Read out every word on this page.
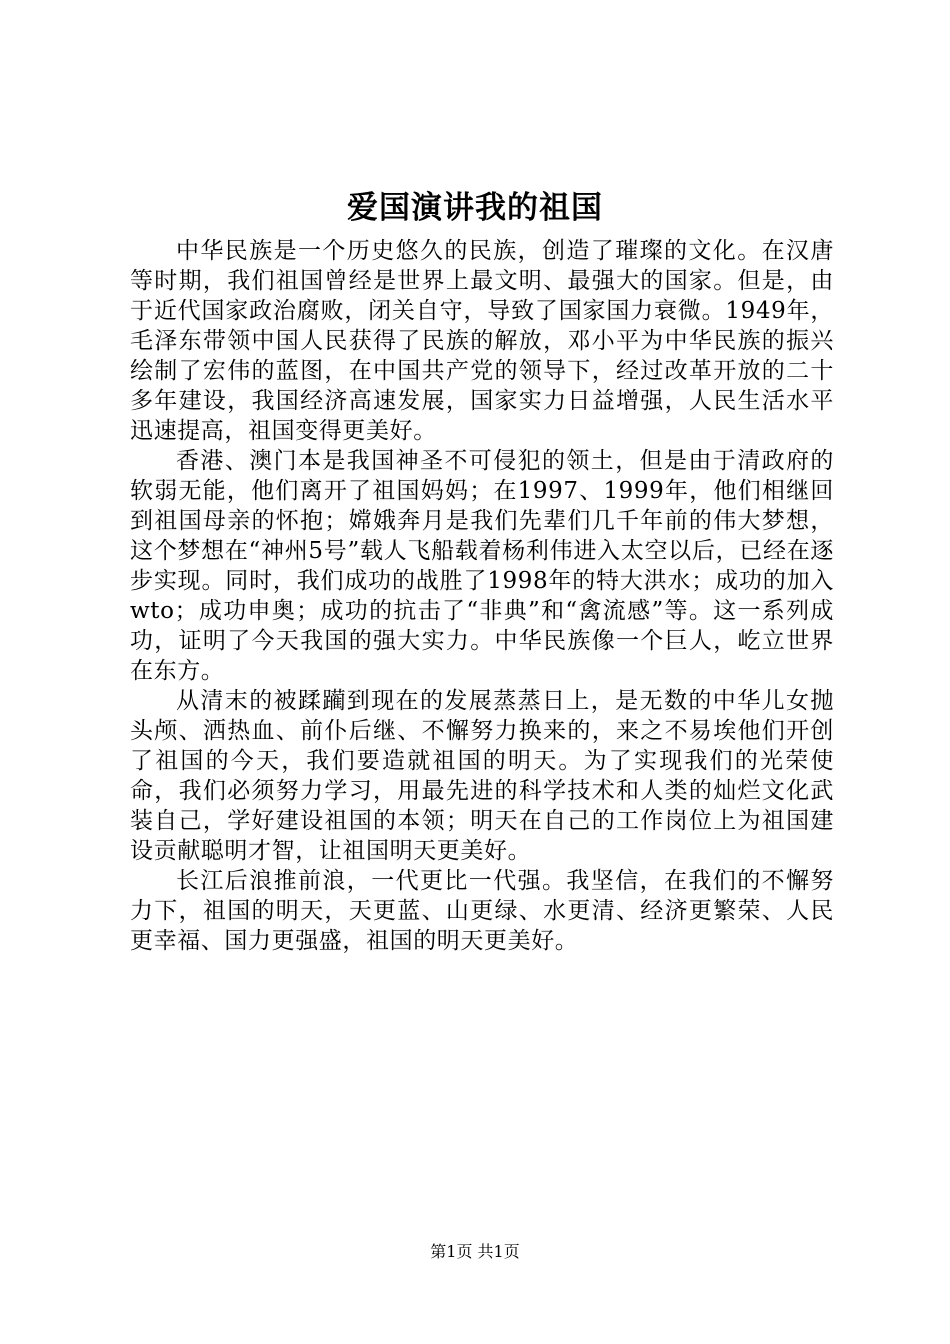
爱国演讲我的祖国

中华民族是一个历史悠久的民族，创造了璀璨的文化。在汉唐等时期，我们祖国曾经是世界上最文明、最强大的国家。但是，由于近代国家政治腐败，闭关自守，导致了国家国力衰微。1949年，毛泽东带领中国人民获得了民族的解放，邓小平为中华民族的振兴绘制了宏伟的蓝图，在中国共产党的领导下，经过改革开放的二十多年建设，我国经济高速发展，国家实力日益增强，人民生活水平迅速提高，祖国变得更美好。

香港、澳门本是我国神圣不可侵犯的领土，但是由于清政府的软弱无能，他们离开了祖国妈妈；在1997、1999年，他们相继回到祖国母亲的怀抱；嫦娥奔月是我们先辈们几千年前的伟大梦想，这个梦想在“神州5号”载人飞船载着杨利伟进入太空以后，已经在逐步实现。同时，我们成功的战胜了1998年的特大洪水；成功的加入wto；成功申奥；成功的抗击了“非典”和“禽流感”等。这一系列成功，证明了今天我国的强大实力。中华民族像一个巨人，屹立世界在东方。

从清末的被蹂躏到现在的发展蒸蒸日上，是无数的中华儿女抛头颅、洒热血、前仆后继、不懈努力换来的，来之不易埃他们开创了祖国的今天，我们要造就祖国的明天。为了实现我们的光荣使命，我们必须努力学习，用最先进的科学技术和人类的灿烂文化武装自己，学好建设祖国的本领；明天在自己的工作岗位上为祖国建设贡献聪明才智，让祖国明天更美好。

长江后浪推前浪，一代更比一代强。我坚信，在我们的不懈努力下，祖国的明天，天更蓝、山更绿、水更清、经济更繁荣、人民更幸福、国力更强盛，祖国的明天更美好。

第1页 共1页
